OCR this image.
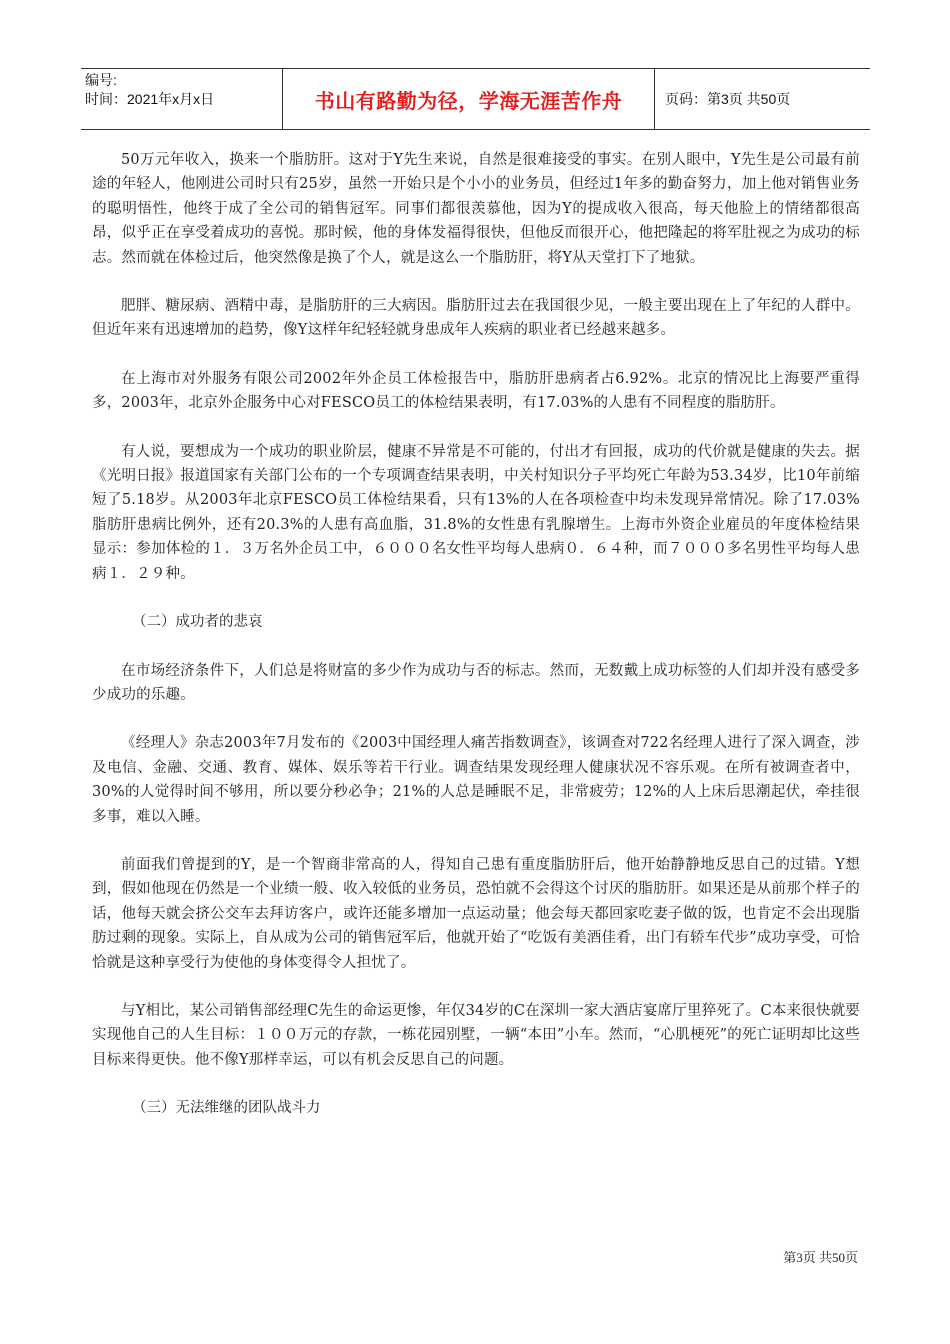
编号:
时间：2021年x月x日	书山有路勤为径，学海无涯苦作舟	页码：第3页 共50页

50万元年收入，换来一个脂肪肝。这对于Y先生来说，自然是很难接受的事实。在别人眼中，Y先生是公司最有前途的年轻人，他刚进公司时只有25岁，虽然一开始只是个小小的业务员，但经过1年多的勤奋努力，加上他对销售业务的聪明悟性，他终于成了全公司的销售冠军。同事们都很羡慕他，因为Y的提成收入很高，每天他脸上的情绪都很高昂，似乎正在享受着成功的喜悦。那时候，他的身体发福得很快，但他反而很开心，他把隆起的将军肚视之为成功的标志。然而就在体检过后，他突然像是换了个人，就是这么一个脂肪肝，将Y从天堂打下了地狱。

肥胖、糖尿病、酒精中毒，是脂肪肝的三大病因。脂肪肝过去在我国很少见，一般主要出现在上了年纪的人群中。但近年来有迅速增加的趋势，像Y这样年纪轻轻就身患成年人疾病的职业者已经越来越多。

在上海市对外服务有限公司2002年外企员工体检报告中，脂肪肝患病者占6.92%。北京的情况比上海要严重得多，2003年，北京外企服务中心对FESCO员工的体检结果表明，有17.03%的人患有不同程度的脂肪肝。

有人说，要想成为一个成功的职业阶层，健康不异常是不可能的，付出才有回报，成功的代价就是健康的失去。据《光明日报》报道国家有关部门公布的一个专项调查结果表明，中关村知识分子平均死亡年龄为53.34岁，比10年前缩短了5.18岁。从2003年北京FESCO员工体检结果看，只有13%的人在各项检查中均未发现异常情况。除了17.03%脂肪肝患病比例外，还有20.3%的人患有高血脂，31.8%的女性患有乳腺增生。上海市外资企业雇员的年度体检结果显示：参加体检的１．３万名外企员工中，６０００名女性平均每人患病０．６４种，而７０００多名男性平均每人患病１．２９种。

（二）成功者的悲哀

在市场经济条件下，人们总是将财富的多少作为成功与否的标志。然而，无数戴上成功标签的人们却并没有感受多少成功的乐趣。

《经理人》杂志2003年7月发布的《2003中国经理人痛苦指数调查》，该调查对722名经理人进行了深入调查，涉及电信、金融、交通、教育、媒体、娱乐等若干行业。调查结果发现经理人健康状况不容乐观。在所有被调查者中，30%的人觉得时间不够用，所以要分秒必争；21%的人总是睡眠不足，非常疲劳；12%的人上床后思潮起伏，牵挂很多事，难以入睡。

前面我们曾提到的Y，是一个智商非常高的人，得知自己患有重度脂肪肝后，他开始静静地反思自己的过错。Y想到，假如他现在仍然是一个业绩一般、收入较低的业务员，恐怕就不会得这个讨厌的脂肪肝。如果还是从前那个样子的话，他每天就会挤公交车去拜访客户，或许还能多增加一点运动量；他会每天都回家吃妻子做的饭，也肯定不会出现脂肪过剩的现象。实际上，自从成为公司的销售冠军后，他就开始了“吃饭有美酒佳肴，出门有轿车代步”成功享受，可恰恰就是这种享受行为使他的身体变得令人担忧了。

与Y相比，某公司销售部经理C先生的命运更惨，年仅34岁的C在深圳一家大酒店宴席厅里猝死了。C本来很快就要实现他自己的人生目标：１００万元的存款，一栋花园别墅，一辆“本田”小车。然而，“心肌梗死”的死亡证明却比这些目标来得更快。他不像Y那样幸运，可以有机会反思自己的问题。

（三）无法维继的团队战斗力

第3页 共50页
